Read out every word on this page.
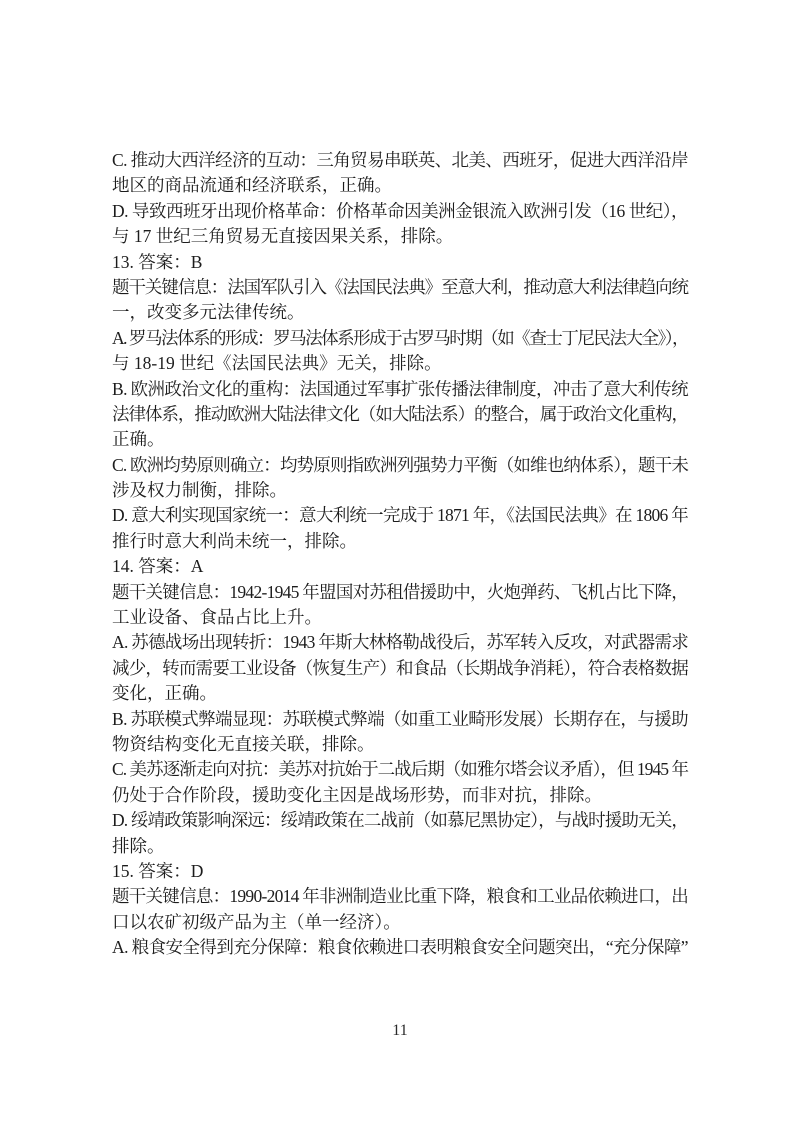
C. 推动大西洋经济的互动：三角贸易串联英、北美、西班牙，促进大西洋沿岸
地区的商品流通和经济联系，正确。
D. 导致西班牙出现价格革命：价格革命因美洲金银流入欧洲引发（16 世纪），
与 17 世纪三角贸易无直接因果关系，排除。
13. 答案：B
题干关键信息：法国军队引入《法国民法典》至意大利，推动意大利法律趋向统
一，改变多元法律传统。
A. 罗马法体系的形成：罗马法体系形成于古罗马时期（如《查士丁尼民法大全》），
与 18-19 世纪《法国民法典》无关，排除。
B. 欧洲政治文化的重构：法国通过军事扩张传播法律制度，冲击了意大利传统
法律体系，推动欧洲大陆法律文化（如大陆法系）的整合，属于政治文化重构，
正确。
C. 欧洲均势原则确立：均势原则指欧洲列强势力平衡（如维也纳体系），题干未
涉及权力制衡，排除。
D. 意大利实现国家统一：意大利统一完成于 1871 年，《法国民法典》在 1806 年
推行时意大利尚未统一，排除。
14. 答案：A
题干关键信息：1942-1945 年盟国对苏租借援助中，火炮弹药、飞机占比下降，
工业设备、食品占比上升。
A. 苏德战场出现转折：1943 年斯大林格勒战役后，苏军转入反攻，对武器需求
减少，转而需要工业设备（恢复生产）和食品（长期战争消耗），符合表格数据
变化，正确。
B. 苏联模式弊端显现：苏联模式弊端（如重工业畸形发展）长期存在，与援助
物资结构变化无直接关联，排除。
C. 美苏逐渐走向对抗：美苏对抗始于二战后期（如雅尔塔会议矛盾），但 1945 年
仍处于合作阶段，援助变化主因是战场形势，而非对抗，排除。
D. 绥靖政策影响深远：绥靖政策在二战前（如慕尼黑协定），与战时援助无关，
排除。
15. 答案：D
题干关键信息：1990-2014 年非洲制造业比重下降，粮食和工业品依赖进口，出
口以农矿初级产品为主（单一经济）。
A. 粮食安全得到充分保障：粮食依赖进口表明粮食安全问题突出，“充分保障”
11
